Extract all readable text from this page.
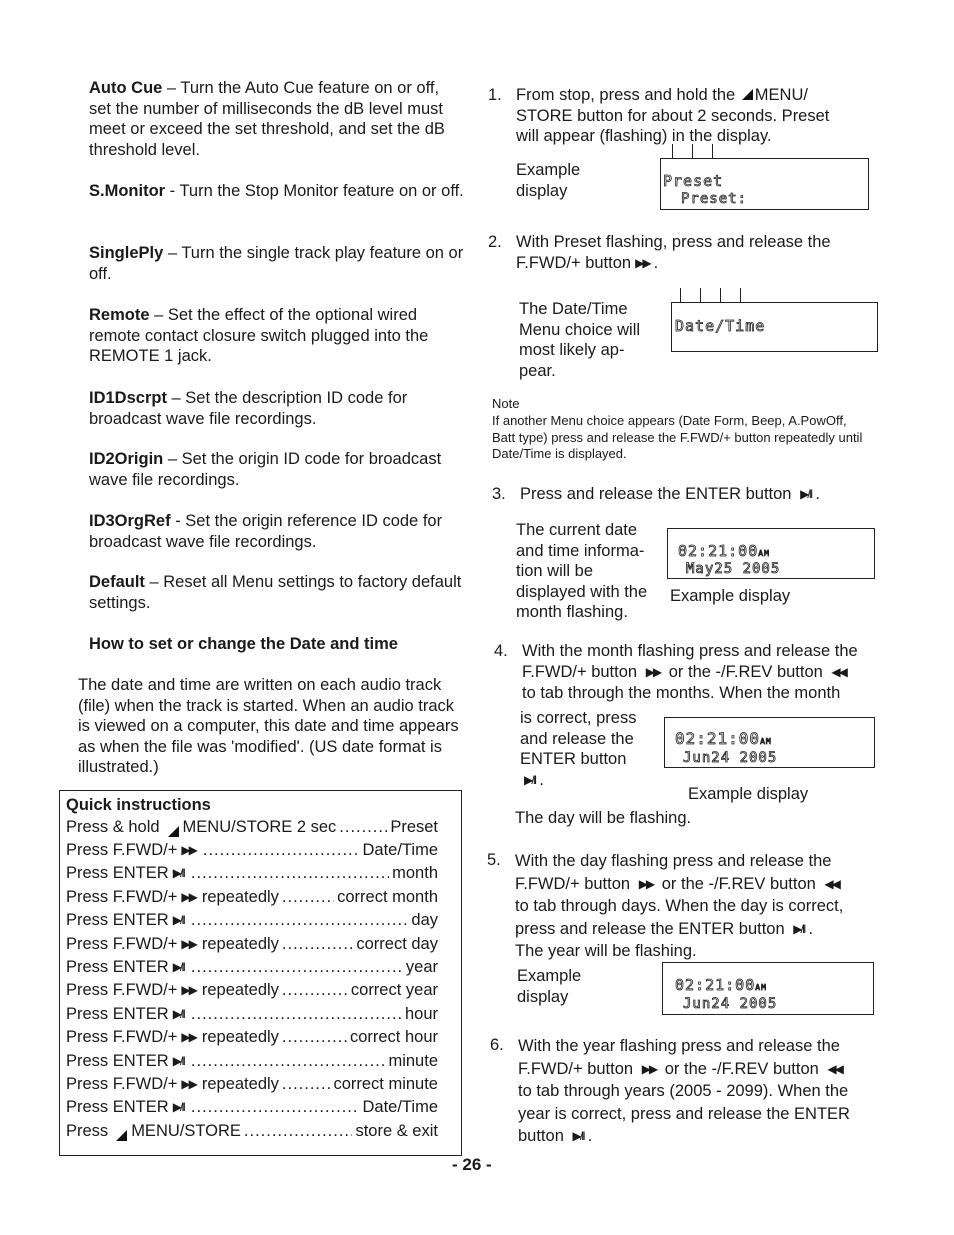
Auto Cue – Turn the Auto Cue feature on or off, set the number of milliseconds the dB level must meet or exceed the set threshold, and set the dB threshold level.
S.Monitor - Turn the Stop Monitor feature on or off.
SinglePly – Turn the single track play feature on or off.
Remote – Set the effect of the optional wired remote contact closure switch plugged into the REMOTE 1 jack.
ID1Dscrpt – Set the description ID code for broadcast wave file recordings.
ID2Origin – Set the origin ID code for broadcast wave file recordings.
ID3OrgRef - Set the origin reference ID code for broadcast wave file recordings.
Default – Reset all Menu settings to factory default settings.
How to set or change the Date and time
The date and time are written on each audio track (file) when the track is started. When an audio track is viewed on a computer, this date and time appears as when the file was 'modified'. (US date format is illustrated.)
Quick instructions
Press & hold MENU/STORE 2 sec .....	Preset
Press F.FWD/+ ▶▶ .....	Date/Time
Press ENTER ▶/II .....	month
Press F.FWD/+ ▶▶ repeatedly .....	correct month
Press ENTER ▶/II .....	day
Press F.FWD/+ ▶▶ repeatedly .....	correct day
Press ENTER ▶/II .....	year
Press F.FWD/+ ▶▶ repeatedly .....	correct year
Press ENTER ▶/II .....	hour
Press F.FWD/+ ▶▶ repeatedly .....	correct hour
Press ENTER ▶/II .....	minute
Press F.FWD/+ ▶▶ repeatedly .....	correct minute
Press ENTER ▶/II .....	Date/Time
Press MENU/STORE .....	store & exit
1. From stop, press and hold the MENU/ STORE button for about 2 seconds. Preset will appear (flashing) in the display.
Example display
Preset
Preset:
2. With Preset flashing, press and release the F.FWD/+ button ▶▶ .
The Date/Time Menu choice will most likely ap-pear.
Date/Time
Note
If another Menu choice appears (Date Form, Beep, A.PowOff, Batt type) press and release the F.FWD/+ button repeatedly until Date/Time is displayed.
3. Press and release the ENTER button ▶/II .
The current date and time informa-tion will be displayed with the month flashing.
02:21:00AM
May25 2005
Example display
4. With the month flashing press and release the
F.FWD/+ button ▶▶ or the -/F.REV button ◀◀
to tab through the months. When the month
is correct, press and release the ENTER button
▶/II .
02:21:00AM
Jun24 2005
Example display
The day will be flashing.
5. With the day flashing press and release the
F.FWD/+ button ▶▶ or the -/F.REV button ◀◀
to tab through days. When the day is correct,
press and release the ENTER button ▶/II .
The year will be flashing.
Example display
02:21:00AM
Jun24 2005
6. With the year flashing press and release the
F.FWD/+ button ▶▶ or the -/F.REV button ◀◀
to tab through years (2005 - 2099). When the
year is correct, press and release the ENTER
button ▶/II .
- 26 -
